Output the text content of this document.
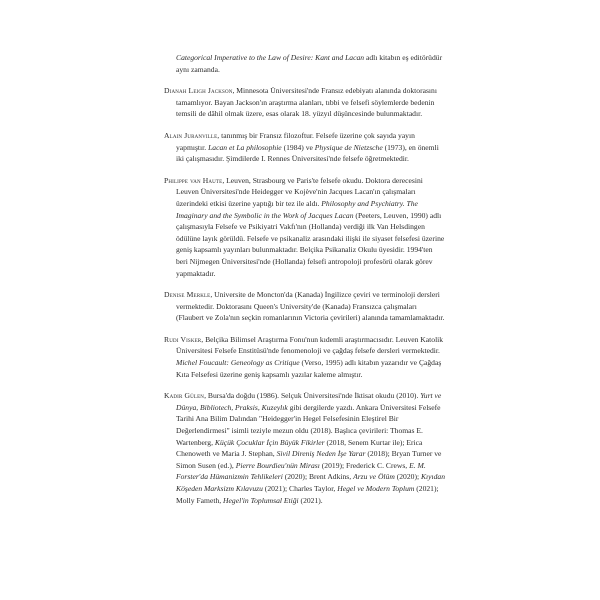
Categorical Imperative to the Law of Desire: Kant and Lacan adlı kitabın eş editörüdür aynı zamanda.

Dianah Leigh Jackson, Minnesota Üniversitesi'nde Fransız edebiyatı alanında doktorasını tamamlıyor. Bayan Jackson'ın araştırma alanları, tıbbi ve felsefi söylemlerde bedenin temsili de dâhil olmak üzere, esas olarak 18. yüzyıl düşüncesinde bulunmaktadır.

Alain Juranville, tanınmış bir Fransız filozoftur. Felsefe üzerine çok sayıda yayın yapmıştır. Lacan et La philosophie (1984) ve Physique de Nietzsche (1973), en önemli iki çalışmasıdır. Şimdilerde I. Rennes Üniversitesi'nde felsefe öğretmektedir.

Philippe van Haute, Leuven, Strasbourg ve Paris'te felsefe okudu. Doktora derecesini Leuven Üniversitesi'nde Heidegger ve Kojève'nin Jacques Lacan'ın çalışmaları üzerindeki etkisi üzerine yaptığı bir tez ile aldı. Philosophy and Psychiatry. The Imaginary and the Symbolic in the Work of Jacques Lacan (Peeters, Leuven, 1990) adlı çalışmasıyla Felsefe ve Psikiyatri Vakfı'nın (Hollanda) verdiği ilk Van Helsdingen ödülüne layık görüldü. Felsefe ve psikanaliz arasındaki ilişki ile siyaset felsefesi üzerine geniş kapsamlı yayınları bulunmaktadır. Belçika Psikanaliz Okulu üyesidir. 1994'ten beri Nijmegen Üniversitesi'nde (Hollanda) felsefi antropoloji profesörü olarak görev yapmaktadır.

Denise Merkle, Universite de Moncton'da (Kanada) İngilizce çeviri ve terminoloji dersleri vermektedir. Doktorasını Queen's University'de (Kanada) Fransızca çalışmaları (Flaubert ve Zola'nın seçkin romanlarının Victoria çevirileri) alanında tamamlamaktadır.

Rudi Visker, Belçika Bilimsel Araştırma Fonu'nun kıdemli araştırmacısıdır. Leuven Katolik Üniversitesi Felsefe Enstitüsü'nde fenomenoloji ve çağdaş felsefe dersleri vermektedir. Michel Foucault: Geneology as Critique (Verso, 1995) adlı kitabın yazarıdır ve Çağdaş Kıta Felsefesi üzerine geniş kapsamlı yazılar kaleme almıştır.

Kadir Gülen, Bursa'da doğdu (1986). Selçuk Üniversitesi'nde İktisat okudu (2010). Yurt ve Dünya, Bibliotech, Praksis, Kuzeylık gibi dergilerde yazdı. Ankara Üniversitesi Felsefe Tarihi Ana Bilim Dalından "Heidegger'in Hegel Felsefesinin Eleştirel Bir Değerlendirmesi" isimli teziyle mezun oldu (2018). Başlıca çevirileri: Thomas E. Wartenberg, Küçük Çocuklar İçin Büyük Fikirler (2018, Senem Kurtar ile); Erica Chenoweth ve Maria J. Stephan, Sivil Direniş Neden İşe Yarar (2018); Bryan Turner ve Simon Susen (ed.), Pierre Bourdieu'nün Mirası (2019); Frederick C. Crews, E. M. Forster'da Hümanizmin Tehlikeleri (2020); Brent Adkins, Arzu ve Ölüm (2020); Kıyıdan Köşeden Marksizm Kılavuzu (2021); Charles Taylor, Hegel ve Modern Toplum (2021); Molly Fameth, Hegel'in Toplumsal Etiği (2021).
